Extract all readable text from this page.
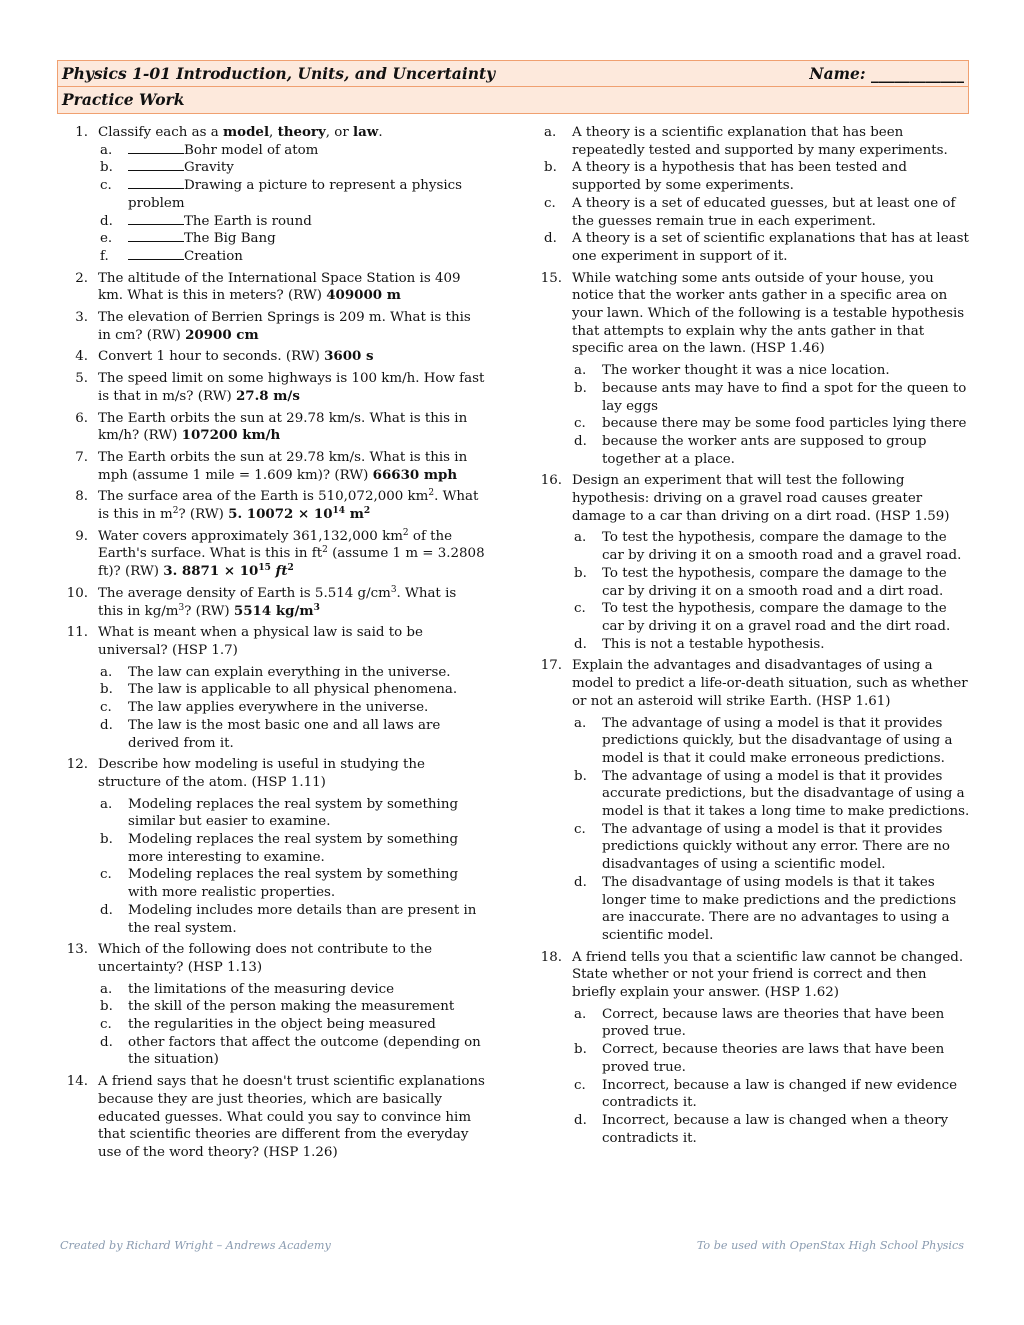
Physics 1-01 Introduction, Units, and Uncertainty	Name: ____________
Practice Work
1. Classify each as a model, theory, or law.
a.	Bohr model of atom
b.	Gravity
c.	Drawing a picture to represent a physics problem
d.	The Earth is round
e.	The Big Bang
f.	Creation
2. The altitude of the International Space Station is 409 km. What is this in meters? (RW) 409000 m
3. The elevation of Berrien Springs is 209 m. What is this in cm? (RW) 20900 cm
4. Convert 1 hour to seconds. (RW) 3600 s
5. The speed limit on some highways is 100 km/h. How fast is that in m/s? (RW) 27.8 m/s
6. The Earth orbits the sun at 29.78 km/s. What is this in km/h? (RW) 107200 km/h
7. The Earth orbits the sun at 29.78 km/s. What is this in mph (assume 1 mile = 1.609 km)? (RW) 66630 mph
8. The surface area of the Earth is 510,072,000 $km^2$. What is this in $m^2$? (RW) 5. $10072 \times 10^{14}$ $m^2$
9. Water covers approximately 361,132,000 $km^2$ of the Earth's surface. What is this in $ft^2$ (assume 1 m = 3.2808 ft)? (RW) 3. $8871 \times 10^{15}$ $ft^2$
10. The average density of Earth is 5.514 $g/cm^3$. What is this in $kg/m^3$? (RW) 5514 $kg/m^3$
11. What is meant when a physical law is said to be universal? (HSP 1.7)
a.	The law can explain everything in the universe.
b.	The law is applicable to all physical phenomena.
c.	The law applies everywhere in the universe.
d.	The law is the most basic one and all laws are derived from it.
12. Describe how modeling is useful in studying the structure of the atom. (HSP 1.11)
a.	Modeling replaces the real system by something similar but easier to examine.
b.	Modeling replaces the real system by something more interesting to examine.
c.	Modeling replaces the real system by something with more realistic properties.
d.	Modeling includes more details than are present in the real system.
13. Which of the following does not contribute to the uncertainty? (HSP 1.13)
a.	the limitations of the measuring device
b.	the skill of the person making the measurement
c.	the regularities in the object being measured
d.	other factors that affect the outcome (depending on the situation)
14. A friend says that he doesn't trust scientific explanations because they are just theories, which are basically educated guesses. What could you say to convince him that scientific theories are different from the everyday use of the word theory? (HSP 1.26)
a.	A theory is a scientific explanation that has been repeatedly tested and supported by many experiments.
b.	A theory is a hypothesis that has been tested and supported by some experiments.
c.	A theory is a set of educated guesses, but at least one of the guesses remain true in each experiment.
d.	A theory is a set of scientific explanations that has at least one experiment in support of it.
15. While watching some ants outside of your house, you notice that the worker ants gather in a specific area on your lawn. Which of the following is a testable hypothesis that attempts to explain why the ants gather in that specific area on the lawn. (HSP 1.46)
a.	The worker thought it was a nice location.
b.	because ants may have to find a spot for the queen to lay eggs
c.	because there may be some food particles lying there
d.	because the worker ants are supposed to group together at a place.
16. Design an experiment that will test the following hypothesis: driving on a gravel road causes greater damage to a car than driving on a dirt road. (HSP 1.59)
a.	To test the hypothesis, compare the damage to the car by driving it on a smooth road and a gravel road.
b.	To test the hypothesis, compare the damage to the car by driving it on a smooth road and a dirt road.
c.	To test the hypothesis, compare the damage to the car by driving it on a gravel road and the dirt road.
d.	This is not a testable hypothesis.
17. Explain the advantages and disadvantages of using a model to predict a life-or-death situation, such as whether or not an asteroid will strike Earth. (HSP 1.61)
a.	The advantage of using a model is that it provides predictions quickly, but the disadvantage of using a model is that it could make erroneous predictions.
b.	The advantage of using a model is that it provides accurate predictions, but the disadvantage of using a model is that it takes a long time to make predictions.
c.	The advantage of using a model is that it provides predictions quickly without any error. There are no disadvantages of using a scientific model.
d.	The disadvantage of using models is that it takes longer time to make predictions and the predictions are inaccurate. There are no advantages to using a scientific model.
18. A friend tells you that a scientific law cannot be changed. State whether or not your friend is correct and then briefly explain your answer. (HSP 1.62)
a.	Correct, because laws are theories that have been proved true.
b.	Correct, because theories are laws that have been proved true.
c.	Incorrect, because a law is changed if new evidence contradicts it.
d.	Incorrect, because a law is changed when a theory contradicts it.
Created by Richard Wright – Andrews Academy	To be used with OpenStax High School Physics
